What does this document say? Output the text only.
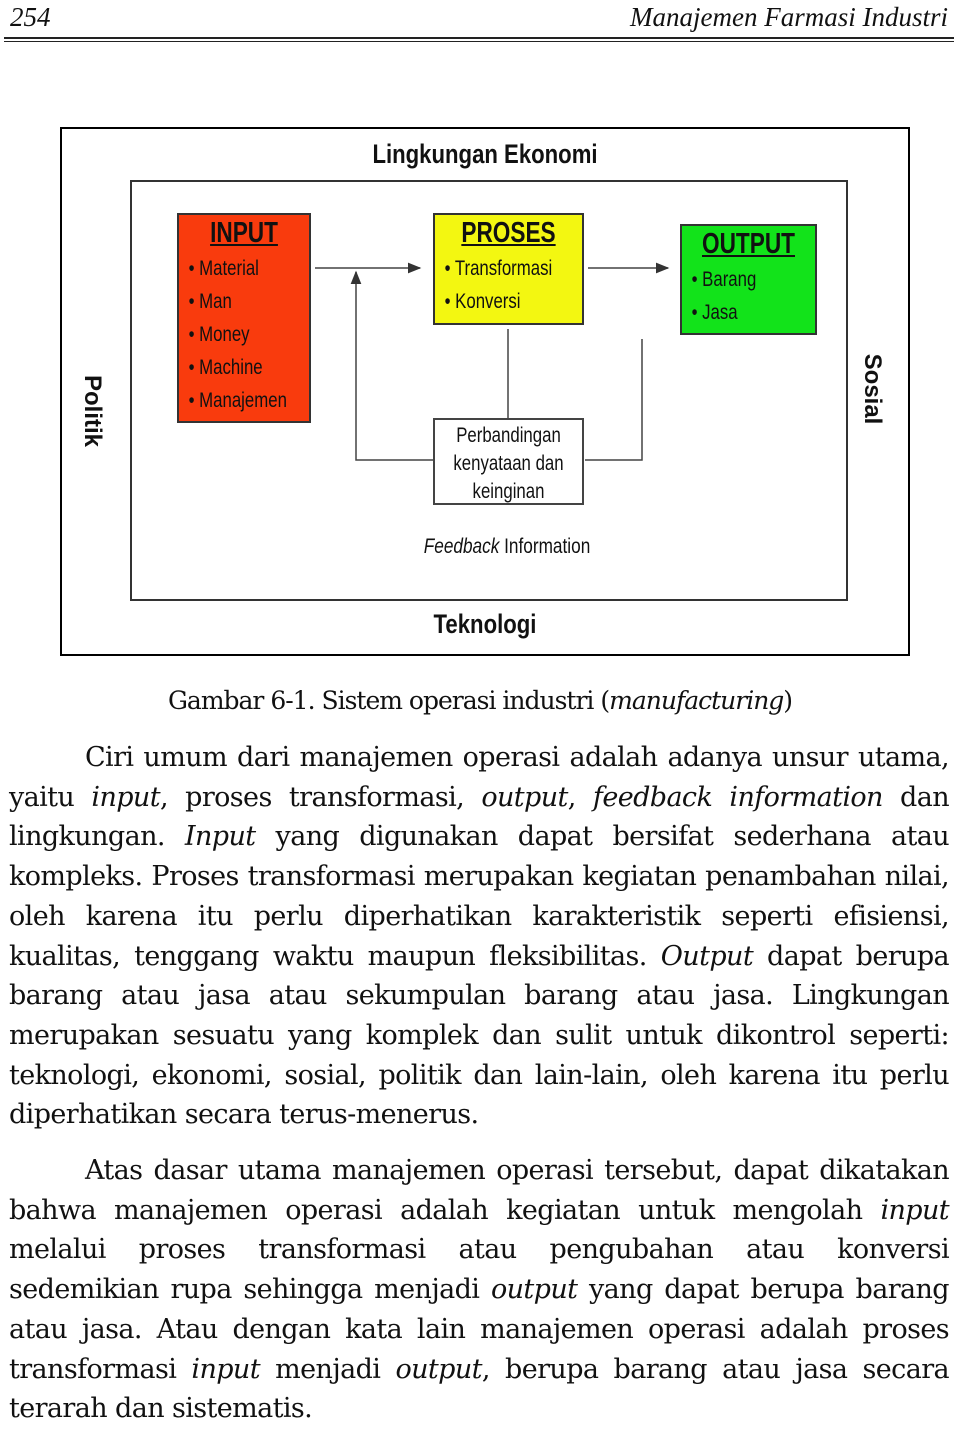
254	Manajemen Farmasi Industri
Lingkungan Ekonomi
Teknologi
Politik	Sosial
INPUT
• Material
• Man
• Money
• Machine
• Manajemen
PROSES
• Transformasi
• Konversi
OUTPUT
• Barang
• Jasa
Perbandingan
kenyataan dan
keinginan
Feedback Information
Gambar 6-1. Sistem operasi industri (manufacturing)

Ciri umum dari manajemen operasi adalah adanya unsur utama, yaitu input, proses transformasi, output, feedback information dan lingkungan. Input yang digunakan dapat bersifat sederhana atau kompleks. Proses transformasi merupakan kegiatan penambahan nilai, oleh karena itu perlu diperhatikan karakteristik seperti efisiensi, kualitas, tenggang waktu maupun fleksibilitas. Output dapat berupa barang atau jasa atau sekumpulan barang atau jasa. Lingkungan merupakan sesuatu yang komplek dan sulit untuk dikontrol seperti: teknologi, ekonomi, sosial, politik dan lain-lain, oleh karena itu perlu diperhatikan secara terus-menerus.

Atas dasar utama manajemen operasi tersebut, dapat dikatakan bahwa manajemen operasi adalah kegiatan untuk mengolah input melalui proses transformasi atau pengubahan atau konversi sedemikian rupa sehingga menjadi output yang dapat berupa barang atau jasa. Atau dengan kata lain manajemen operasi adalah proses transformasi input menjadi output, berupa barang atau jasa secara terarah dan sistematis.
